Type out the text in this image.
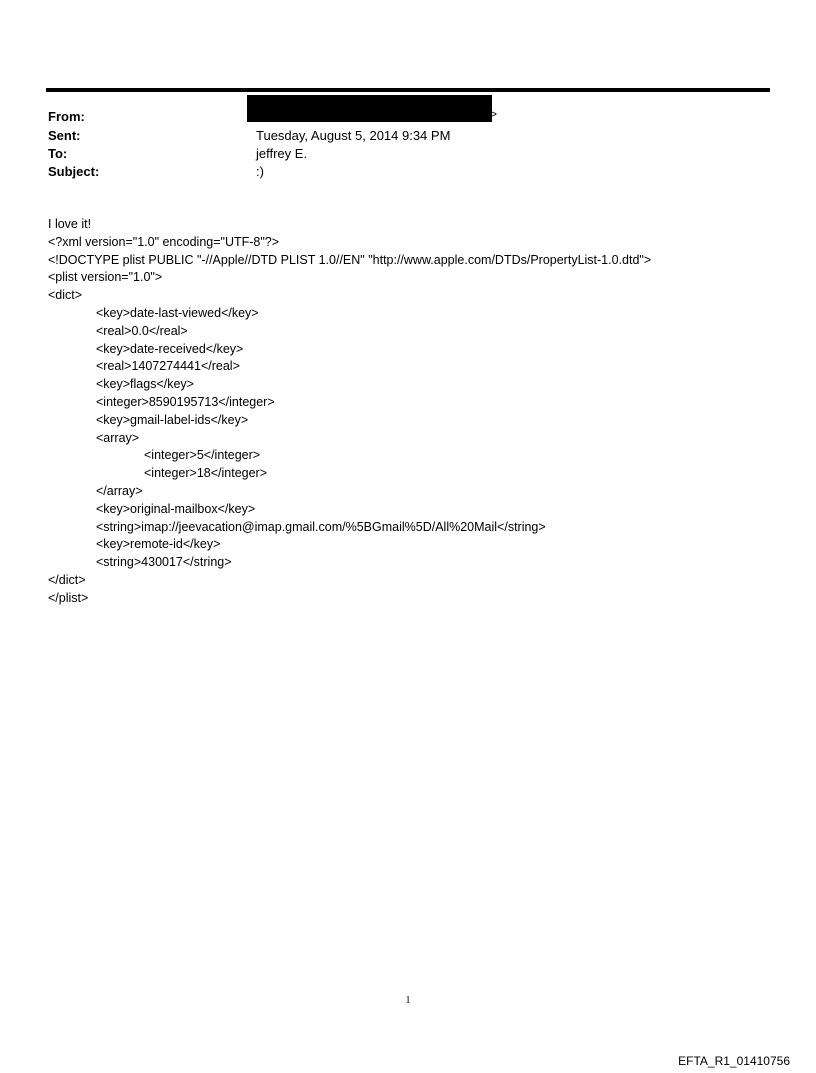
From:	>
Sent:	Tuesday, August 5, 2014 9:34 PM
To:	jeffrey E.
Subject:	:)
I love it!
<?xml version="1.0" encoding="UTF-8"?>
<!DOCTYPE plist PUBLIC "-//Apple//DTD PLIST 1.0//EN" "http://www.apple.com/DTDs/PropertyList-1.0.dtd">
<plist version="1.0">
<dict>
<key>date-last-viewed</key>
<real>0.0</real>
<key>date-received</key>
<real>1407274441</real>
<key>flags</key>
<integer>8590195713</integer>
<key>gmail-label-ids</key>
<array>
<integer>5</integer>
<integer>18</integer>
</array>
<key>original-mailbox</key>
<string>imap://jeevacation@imap.gmail.com/%5BGmail%5D/All%20Mail</string>
<key>remote-id</key>
<string>430017</string>
</dict>
</plist>
1
EFTA_R1_01410756
